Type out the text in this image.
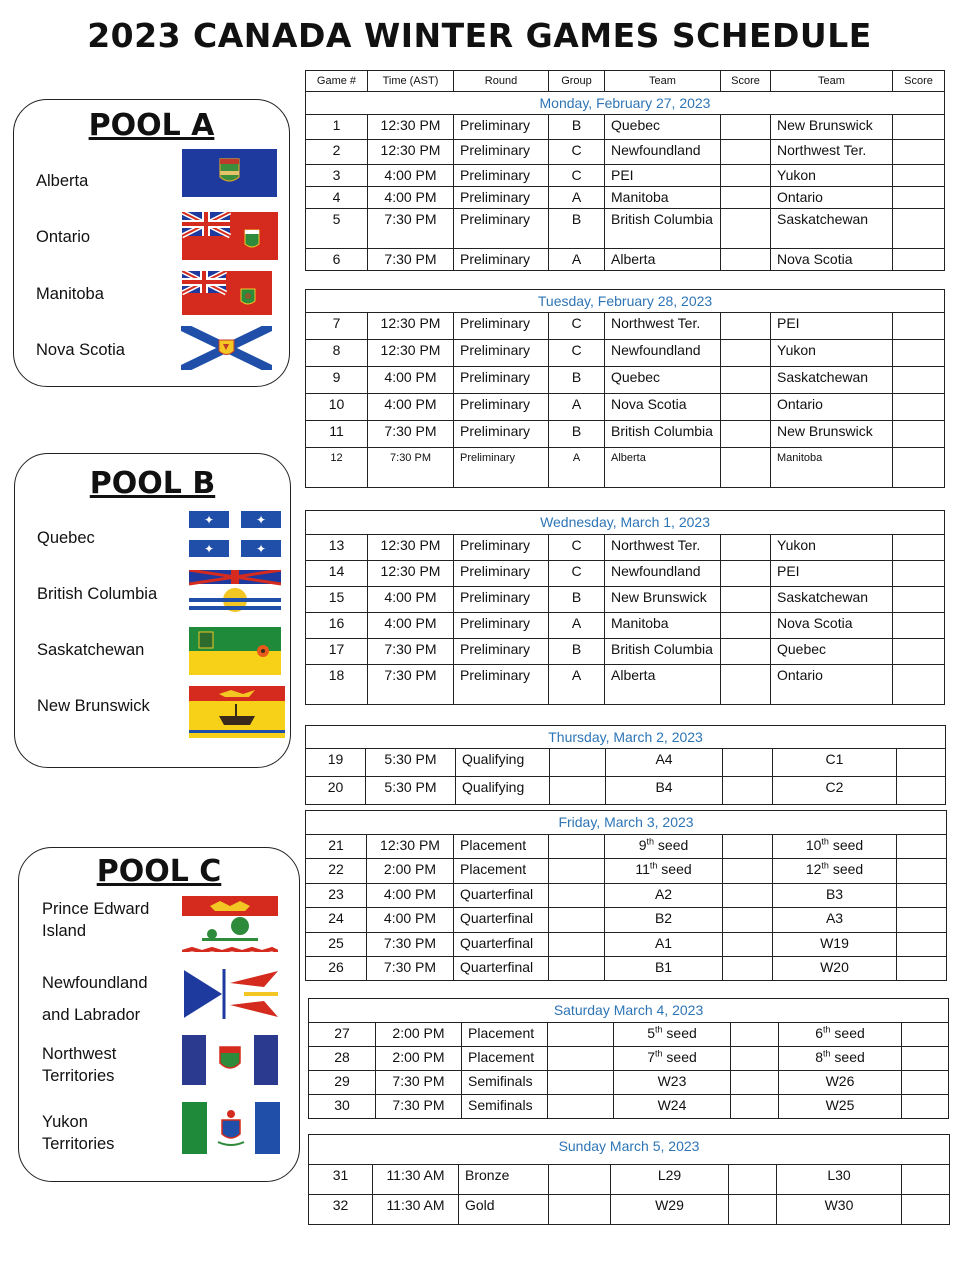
2023 CANADA WINTER GAMES SCHEDULE
POOL A
Alberta
Ontario
Manitoba
Nova Scotia
POOL B
Quebec
British Columbia
Saskatchewan
New Brunswick
✦	✦
✦	✦
POOL C
Prince Edward Island
Newfoundland and Labrador
Northwest Territories
Yukon Territories
Game #	Time (AST)	Round	Group	Team	Score	Team	Score
Monday, February 27, 2023							
1	12:30 PM	Preliminary	B	Quebec		New Brunswick	
2	12:30 PM	Preliminary	C	Newfoundland		Northwest Ter.	
3	4:00 PM	Preliminary	C	PEI		Yukon	
4	4:00 PM	Preliminary	A	Manitoba		Ontario	
5	7:30 PM	Preliminary	B	British Columbia		Saskatchewan	
6	7:30 PM	Preliminary	A	Alberta		Nova Scotia	
Tuesday, February 28, 2023							
7	12:30 PM	Preliminary	C	Northwest Ter.		PEI	
8	12:30 PM	Preliminary	C	Newfoundland		Yukon	
9	4:00 PM	Preliminary	B	Quebec		Saskatchewan	
10	4:00 PM	Preliminary	A	Nova Scotia		Ontario	
11	7:30 PM	Preliminary	B	British Columbia		New Brunswick	
12	7:30 PM	Preliminary	A	Alberta		Manitoba	
Wednesday, March 1, 2023							
13	12:30 PM	Preliminary	C	Northwest Ter.		Yukon	
14	12:30 PM	Preliminary	C	Newfoundland		PEI	
15	4:00 PM	Preliminary	B	New Brunswick		Saskatchewan	
16	4:00 PM	Preliminary	A	Manitoba		Nova Scotia	
17	7:30 PM	Preliminary	B	British Columbia		Quebec	
18	7:30 PM	Preliminary	A	Alberta		Ontario	
Thursday, March 2, 2023							
19	5:30 PM	Qualifying		A4		C1	
20	5:30 PM	Qualifying		B4		C2	
Friday, March 3, 2023							
21	12:30 PM	Placement		9th seed		10th seed	
22	2:00 PM	Placement		11th seed		12th seed	
23	4:00 PM	Quarterfinal		A2		B3	
24	4:00 PM	Quarterfinal		B2		A3	
25	7:30 PM	Quarterfinal		A1		W19	
26	7:30 PM	Quarterfinal		B1		W20	
Saturday March 4, 2023							
27	2:00 PM	Placement		5th seed		6th seed	
28	2:00 PM	Placement		7th seed		8th seed	
29	7:30 PM	Semifinals		W23		W26	
30	7:30 PM	Semifinals		W24		W25	
Sunday March 5, 2023							
31	11:30 AM	Bronze		L29		L30	
32	11:30 AM	Gold		W29		W30	
